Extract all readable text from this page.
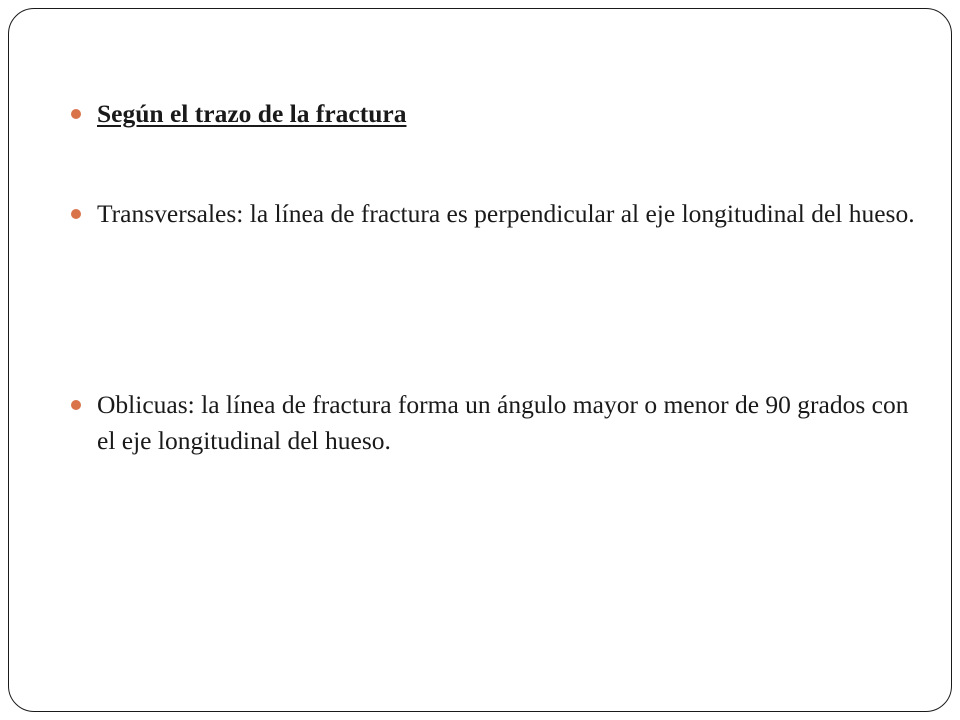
Según el trazo de la fractura
Transversales: la línea de fractura es perpendicular al eje longitudinal del hueso.
Oblicuas: la línea de fractura forma un ángulo mayor o menor de 90 grados con el eje longitudinal del hueso.
